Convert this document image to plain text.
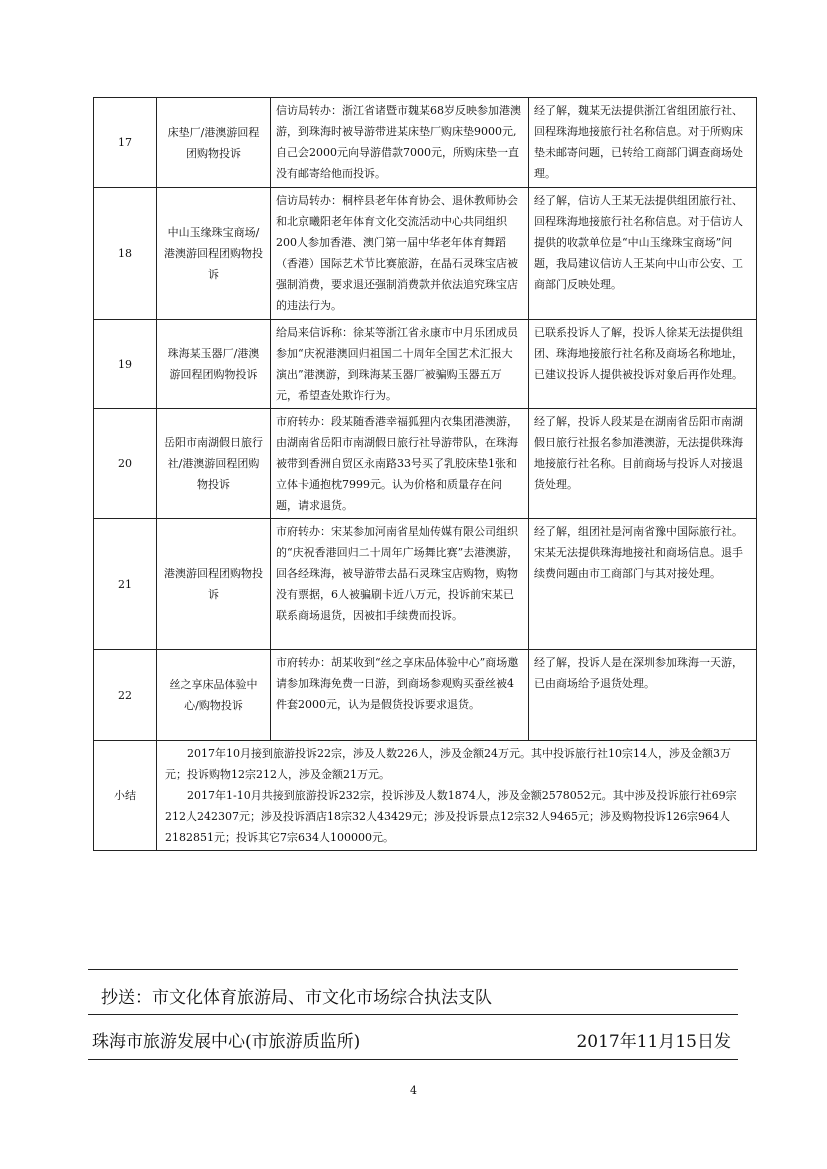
17	床垫厂/港澳游回程团购物投诉	信访局转办：浙江省诸暨市魏某68岁反映参加港澳游，到珠海时被导游带进某床垫厂购床垫9000元,自己会2000元向导游借款7000元，所购床垫一直没有邮寄给他而投诉。	经了解，魏某无法提供浙江省组团旅行社、回程珠海地接旅行社名称信息。对于所购床垫未邮寄问题，已转给工商部门调查商场处理。
18	中山玉缘珠宝商场/港澳游回程团购物投诉	信访局转办：桐梓县老年体育协会、退休教师协会和北京曦阳老年体育文化交流活动中心共同组织200人参加香港、澳门第一届中华老年体育舞蹈（香港）国际艺术节比赛旅游，在晶石灵珠宝店被强制消费，要求退还强制消费款并依法追究珠宝店的违法行为。	经了解，信访人王某无法提供组团旅行社、回程珠海地接旅行社名称信息。对于信访人提供的收款单位是“中山玉缘珠宝商场”问题，我局建议信访人王某向中山市公安、工商部门反映处理。
19	珠海某玉器厂/港澳游回程团购物投诉	给局来信诉称：徐某等浙江省永康市中月乐团成员参加“庆祝港澳回归祖国二十周年全国艺术汇报大演出”港澳游，到珠海某玉器厂被骗购玉器五万元，希望查处欺诈行为。	已联系投诉人了解，投诉人徐某无法提供组团、珠海地接旅行社名称及商场名称地址，已建议投诉人提供被投诉对象后再作处理。
20	岳阳市南湖假日旅行社/港澳游回程团购物投诉	市府转办：段某随香港幸福狐狸内衣集团港澳游，由湖南省岳阳市南湖假日旅行社导游带队，在珠海被带到香洲自贸区永南路33号买了乳胶床垫1张和立体卡通抱枕7999元。认为价格和质量存在问题，请求退货。	经了解，投诉人段某是在湖南省岳阳市南湖假日旅行社报名参加港澳游，无法提供珠海地接旅行社名称。目前商场与投诉人对接退货处理。
21	港澳游回程团购物投诉	市府转办：宋某参加河南省星灿传媒有限公司组织的“庆祝香港回归二十周年广场舞比赛”去港澳游，回各经珠海，被导游带去晶石灵珠宝店购物，购物没有票据，6人被骗刷卡近八万元，投诉前宋某已联系商场退货，因被扣手续费而投诉。	经了解，组团社是河南省豫中国际旅行社。宋某无法提供珠海地接社和商场信息。退手续费问题由市工商部门与其对接处理。
22	丝之享床品体验中心/购物投诉	市府转办：胡某收到“丝之享床品体验中心”商场邀请参加珠海免费一日游，到商场参观购买蚕丝被4件套2000元，认为是假货投诉要求退货。	经了解，投诉人是在深圳参加珠海一天游，已由商场给予退货处理。
小结	2017年10月接到旅游投诉22宗，涉及人数226人，涉及金额24万元。其中投诉旅行社10宗14人，涉及金额3万元；投诉购物12宗212人，涉及金额21万元。

2017年1-10月共接到旅游投诉232宗，投诉涉及人数1874人，涉及金额2578052元。其中涉及投诉旅行社69宗212人242307元；涉及投诉酒店18宗32人43429元；涉及投诉景点12宗32人9465元；涉及购物投诉126宗964人2182851元；投诉其它7宗634人100000元。		

抄送：市文化体育旅游局、市文化市场综合执法支队
珠海市旅游发展中心(市旅游质监所)	2017年11月15日发
4
